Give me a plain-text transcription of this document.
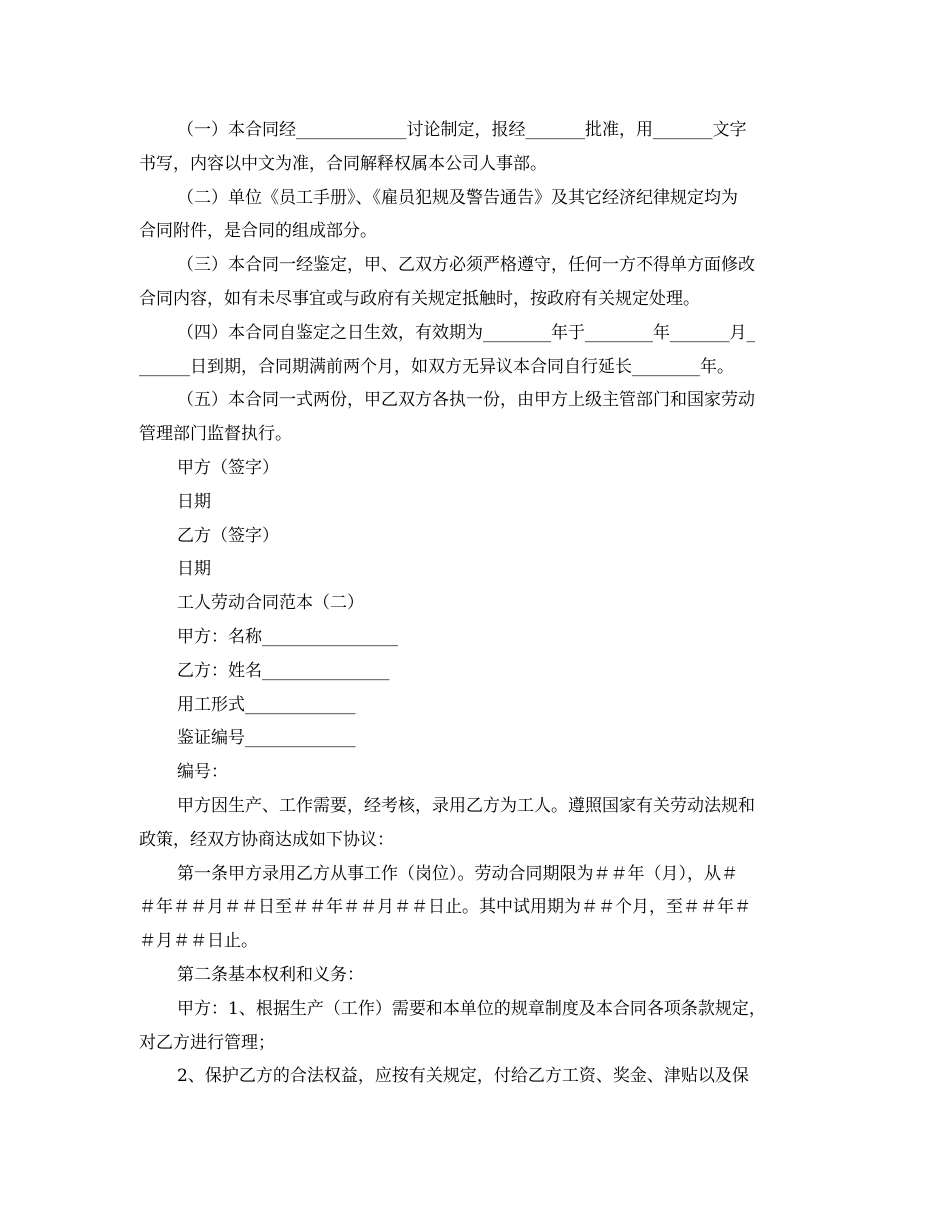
（一）本合同经_____________讨论制定，报经_______批准，用_______文字
书写，内容以中文为准，合同解释权属本公司人事部。
（二）单位《员工手册》、《雇员犯规及警告通告》及其它经济纪律规定均为
合同附件，是合同的组成部分。
（三）本合同一经鉴定，甲、乙双方必须严格遵守，任何一方不得单方面修改
合同内容，如有未尽事宜或与政府有关规定抵触时，按政府有关规定处理。
（四）本合同自鉴定之日生效，有效期为________年于________年_______月_
______日到期，合同期满前两个月，如双方无异议本合同自行延长________年。
（五）本合同一式两份，甲乙双方各执一份，由甲方上级主管部门和国家劳动
管理部门监督执行。
甲方（签字）
日期
乙方（签字）
日期
工人劳动合同范本（二）
甲方：名称________________
乙方：姓名_______________
用工形式_____________
鉴证编号_____________
编号：
甲方因生产、工作需要，经考核，录用乙方为工人。遵照国家有关劳动法规和
政策，经双方协商达成如下协议：
第一条甲方录用乙方从事工作（岗位）。劳动合同期限为＃＃年（月），从＃
＃年＃＃月＃＃日至＃＃年＃＃月＃＃日止。其中试用期为＃＃个月，至＃＃年＃
＃月＃＃日止。
第二条基本权利和义务：
甲方：1、根据生产（工作）需要和本单位的规章制度及本合同各项条款规定，
对乙方进行管理；
2、保护乙方的合法权益，应按有关规定，付给乙方工资、奖金、津贴以及保
